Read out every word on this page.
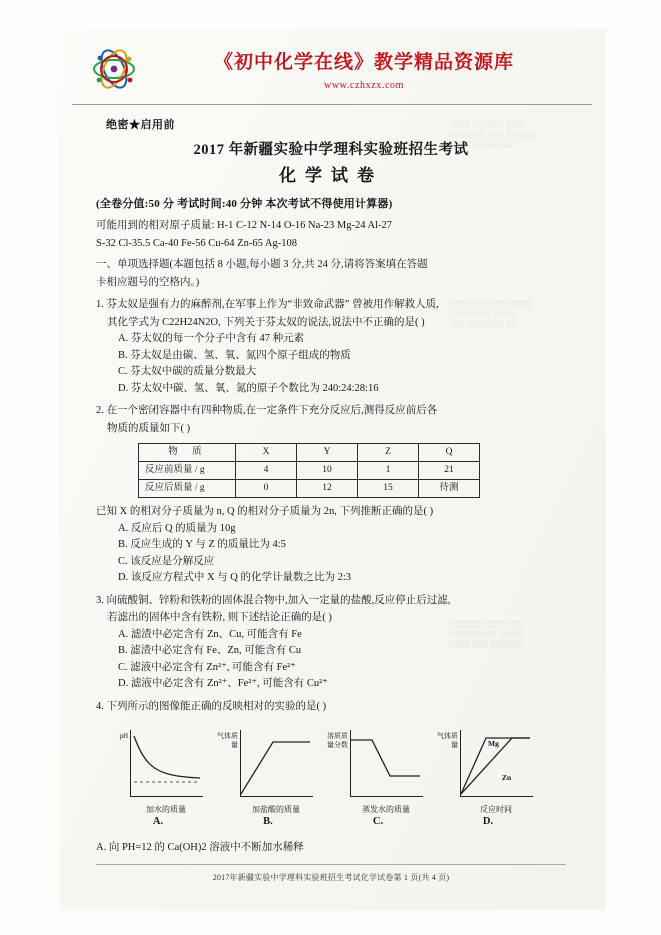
《初中化学在线》教学精品资源库
www.czhxzx.com
绝密★启用前
2017 年新疆实验中学理科实验班招生考试
化学试卷
(全卷分值:50 分 考试时间:40 分钟 本次考试不得使用计算器)
可能用到的相对原子质量: H-1 C-12 N-14 O-16 Na-23 Mg-24 Al-27
S-32 Cl-35.5 Ca-40 Fe-56 Cu-64 Zn-65 Ag-108
一、单项选择题(本题包括 8 小题,每小题 3 分,共 24 分,请将答案填在答题
卡相应题号的空格内。)
1. 芬太奴是强有力的麻醉剂,在军事上作为“非致命武器” 曾被用作解救人质,
其化学式为 C22H24N2O, 下列关于芬太奴的说法,说法中不正确的是( )
A. 芬太奴的每一个分子中含有 47 种元素
B. 芬太奴是由碳、氢、氧、氮四个原子组成的物质
C. 芬太奴中碳的质量分数最大
D. 芬太奴中碳、氢、氧、氮的原子个数比为 240:24:28:16
2. 在一个密闭容器中有四种物质,在一定条件下充分反应后,测得反应前后各
物质的质量如下( )
物 质	X	Y	Z	Q
反应前质量 / g	4	10	1	21
反应后质量 / g	0	12	15	待测
已知 X 的相对分子质量为 n, Q 的相对分子质量为 2n, 下列推断正确的是( )
A. 反应后 Q 的质量为 10g
B. 反应生成的 Y 与 Z 的质量比为 4:5
C. 该反应是分解反应
D. 该反应方程式中 X 与 Q 的化学计量数之比为 2:3
3. 向硫酸铜、锌粉和铁粉的固体混合物中,加入一定量的盐酸,反应停止后过滤,
若滤出的固体中含有铁粉, 则下述结论正确的是( )
A. 滤渣中必定含有 Zn、Cu, 可能含有 Fe
B. 滤渣中必定含有 Fe、Zn, 可能含有 Cu
C. 滤液中必定含有 Zn²⁺, 可能含有 Fe²⁺
D. 滤液中必定含有 Zn²⁺、Fe²⁺, 可能含有 Cu²⁺
4. 下列所示的图像能正确的反映相对的实验的是( )
pH
加水的质量
A.
气体质量
加盐酸的质量
B.
溶质质量分数
蒸发水的质量
C.
气体质量	Mg
Zn
反应时间
D.
A. 向 PH=12 的 Ca(OH)2 溶液中不断加水稀释
2017年新疆实验中学理科实验班招生考试化学试卷第 1 页(共 4 页)
